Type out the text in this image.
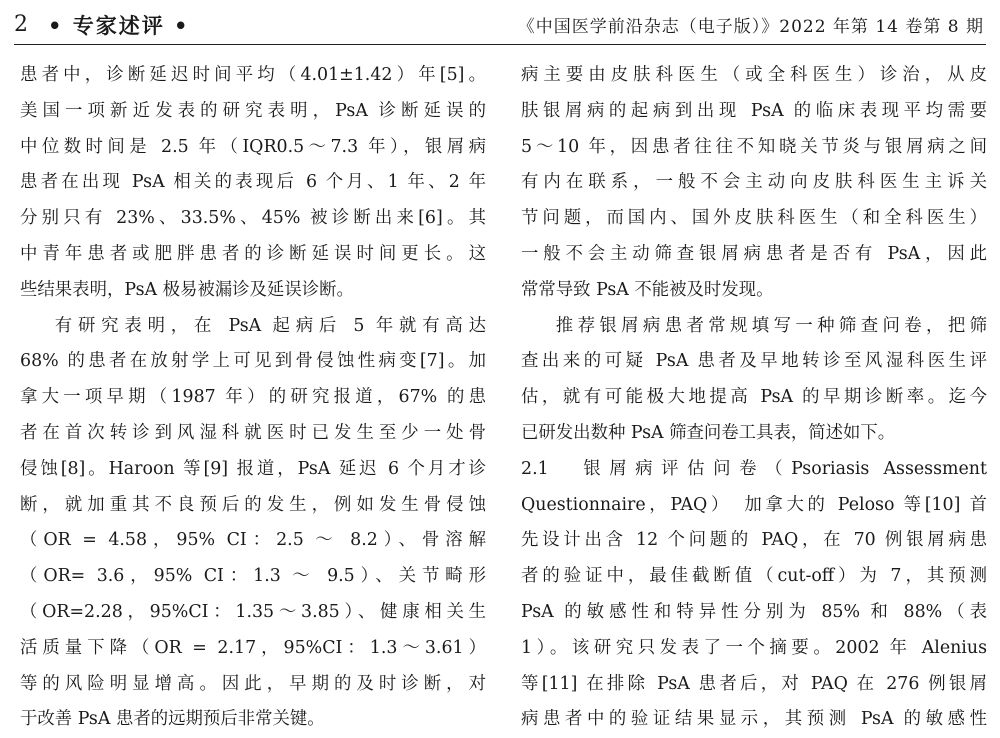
2 • 专家述评 •	《中国医学前沿杂志（电子版）》2022 年第 14 卷第 8 期
患者中，诊断延迟时间平均（4.01±1.42）年[5]。
美国一项新近发表的研究表明，PsA 诊断延误的
中位数时间是 2.5 年（IQR0.5～7.3 年），银屑病
患者在出现 PsA 相关的表现后 6 个月、1 年、2 年
分别只有 23%、33.5%、45% 被诊断出来[6]。其
中青年患者或肥胖患者的诊断延误时间更长。这
些结果表明，PsA 极易被漏诊及延误诊断。
有研究表明，在 PsA 起病后 5 年就有高达
68% 的患者在放射学上可见到骨侵蚀性病变[7]。加
拿大一项早期（1987 年）的研究报道，67% 的患
者在首次转诊到风湿科就医时已发生至少一处骨
侵蚀[8]。Haroon 等[9] 报道，PsA 延迟 6 个月才诊
断，就加重其不良预后的发生，例如发生骨侵蚀
（OR = 4.58，95% CI：2.5 ～ 8.2）、骨溶解
（OR= 3.6，95% CI：1.3 ～ 9.5）、关节畸形
（OR=2.28，95%CI：1.35～3.85）、健康相关生
活质量下降（OR = 2.17，95%CI：1.3～3.61）
等的风险明显增高。因此，早期的及时诊断，对
于改善 PsA 患者的远期预后非常关键。
病主要由皮肤科医生（或全科医生）诊治，从皮
肤银屑病的起病到出现 PsA 的临床表现平均需要
5～10 年，因患者往往不知晓关节炎与银屑病之间
有内在联系，一般不会主动向皮肤科医生主诉关
节问题，而国内、国外皮肤科医生（和全科医生）
一般不会主动筛查银屑病患者是否有 PsA，因此
常常导致 PsA 不能被及时发现。
推荐银屑病患者常规填写一种筛查问卷，把筛
查出来的可疑 PsA 患者及早地转诊至风湿科医生评
估，就有可能极大地提高 PsA 的早期诊断率。迄今
已研发出数种 PsA 筛查问卷工具表，简述如下。
2.1　银屑病评估问卷（Psoriasis Assessment
Questionnaire，PAQ）　加拿大的 Peloso 等[10] 首
先设计出含 12 个问题的 PAQ，在 70 例银屑病患
者的验证中，最佳截断值（cut-off）为 7，其预测
PsA 的敏感性和特异性分别为 85% 和 88%（表
1）。该研究只发表了一个摘要。2002 年 Alenius
等[11] 在排除 PsA 患者后，对 PAQ 在 276 例银屑
病患者中的验证结果显示，其预测 PsA 的敏感性
